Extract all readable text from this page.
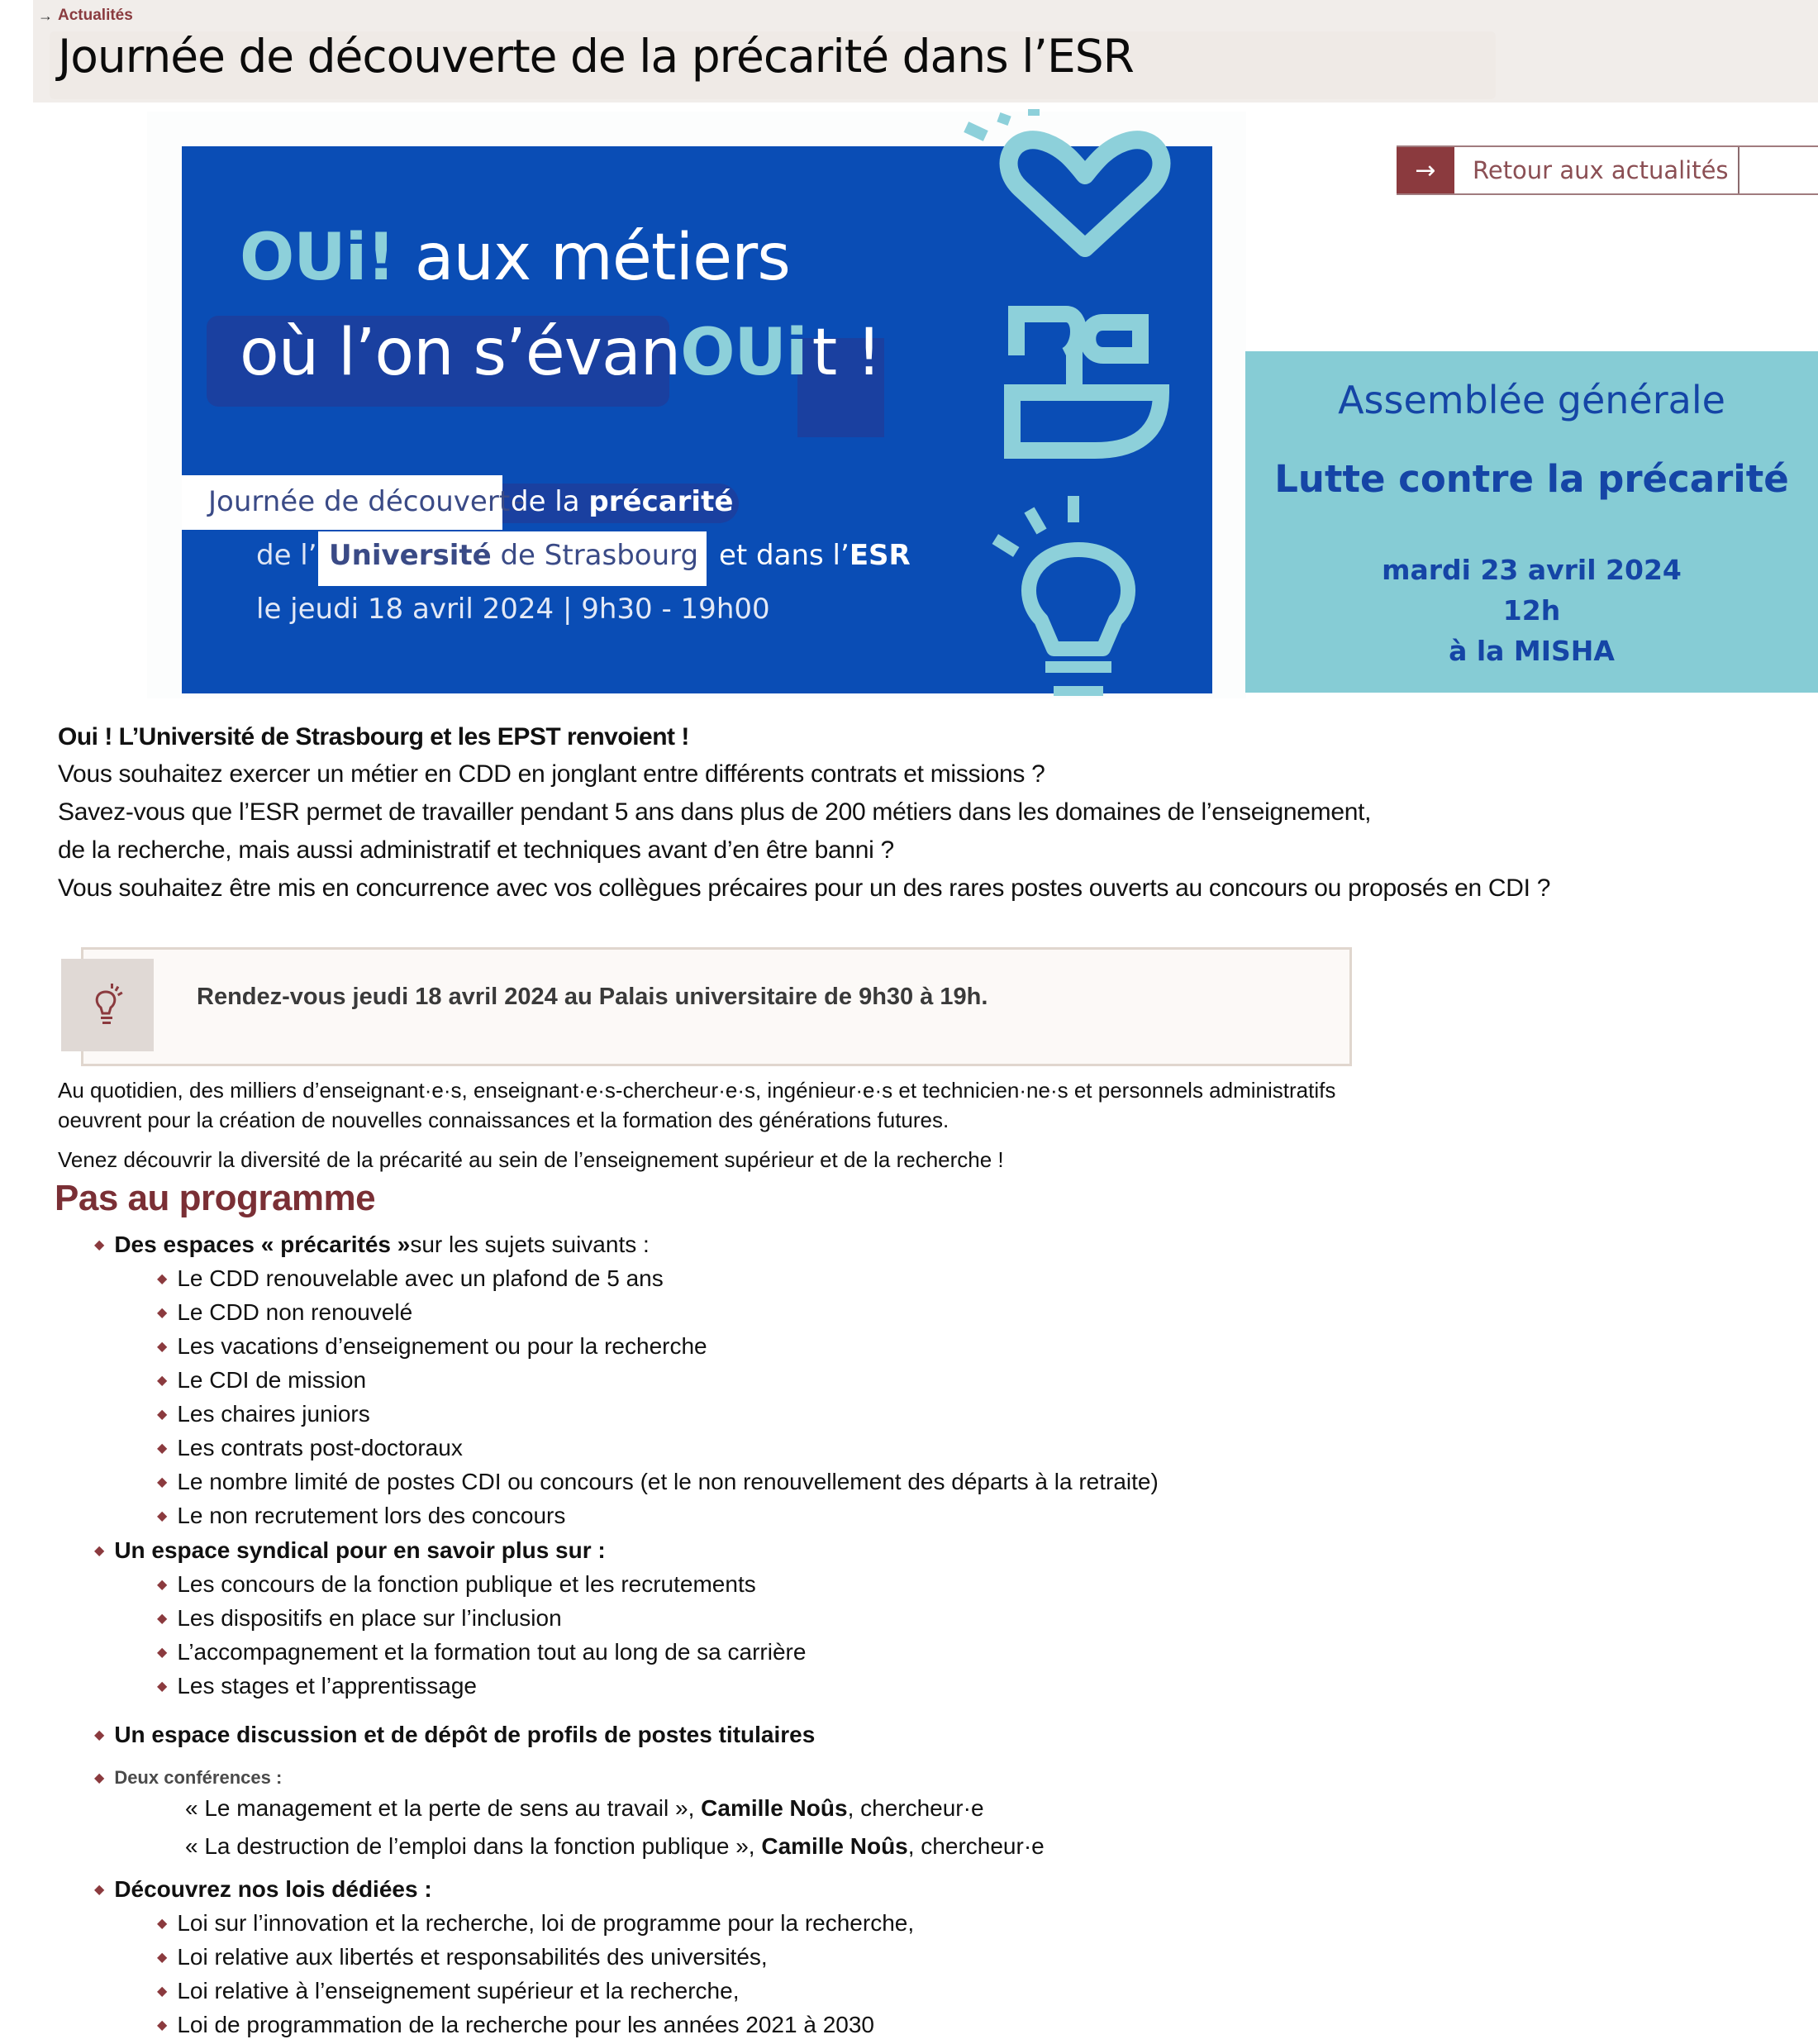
→ Actualités
Journée de découverte de la précarité dans l’ESR
OUi! aux métiers
où l’on s’évanOUit !
Journée de découverte
de la précarité
de l’ Université de Strasbourg et dans l’ESR
le jeudi 18 avril 2024 | 9h30 - 19h00
→	Retour aux actualités
Assemblée générale
Lutte contre la précarité
mardi 23 avril 2024
12h
à la MISHA
Oui ! L’Université de Strasbourg et les EPST renvoient !

Vous souhaitez exercer un métier en CDD en jonglant entre différents contrats et missions ?

Savez-vous que l’ESR permet de travailler pendant 5 ans dans plus de 200 métiers dans les domaines de l’enseignement,

de la recherche, mais aussi administratif et techniques avant d’en être banni ?

Vous souhaitez être mis en concurrence avec vos collègues précaires pour un des rares postes ouverts au concours ou proposés en CDI ?

Rendez-vous jeudi 18 avril 2024 au Palais universitaire de 9h30 à 19h.
Au quotidien, des milliers d’enseignant·e·s, enseignant·e·s-chercheur·e·s, ingénieur·e·s et technicien·ne·s et personnels administratifs
oeuvrent pour la création de nouvelles connaissances et la formation des générations futures.
Venez découvrir la diversité de la précarité au sein de l’enseignement supérieur et de la recherche !
Pas au programme
◆ Des espaces « précarités » sur les sujets suivants :
◆ Le CDD renouvelable avec un plafond de 5 ans
◆ Le CDD non renouvelé
◆ Les vacations d’enseignement ou pour la recherche
◆ Le CDI de mission
◆ Les chaires juniors
◆ Les contrats post-doctoraux
◆ Le nombre limité de postes CDI ou concours (et le non renouvellement des départs à la retraite)
◆ Le non recrutement lors des concours
◆ Un espace syndical pour en savoir plus sur :
◆ Les concours de la fonction publique et les recrutements
◆ Les dispositifs en place sur l’inclusion
◆ L’accompagnement et la formation tout au long de sa carrière
◆ Les stages et l’apprentissage
◆ Un espace discussion et de dépôt de profils de postes titulaires
◆ Deux conférences :
« Le management et la perte de sens au travail », Camille Noûs, chercheur·e
« La destruction de l’emploi dans la fonction publique », Camille Noûs, chercheur·e
◆ Découvrez nos lois dédiées :
◆ Loi sur l’innovation et la recherche, loi de programme pour la recherche,
◆ Loi relative aux libertés et responsabilités des universités,
◆ Loi relative à l’enseignement supérieur et la recherche,
◆ Loi de programmation de la recherche pour les années 2021 à 2030
